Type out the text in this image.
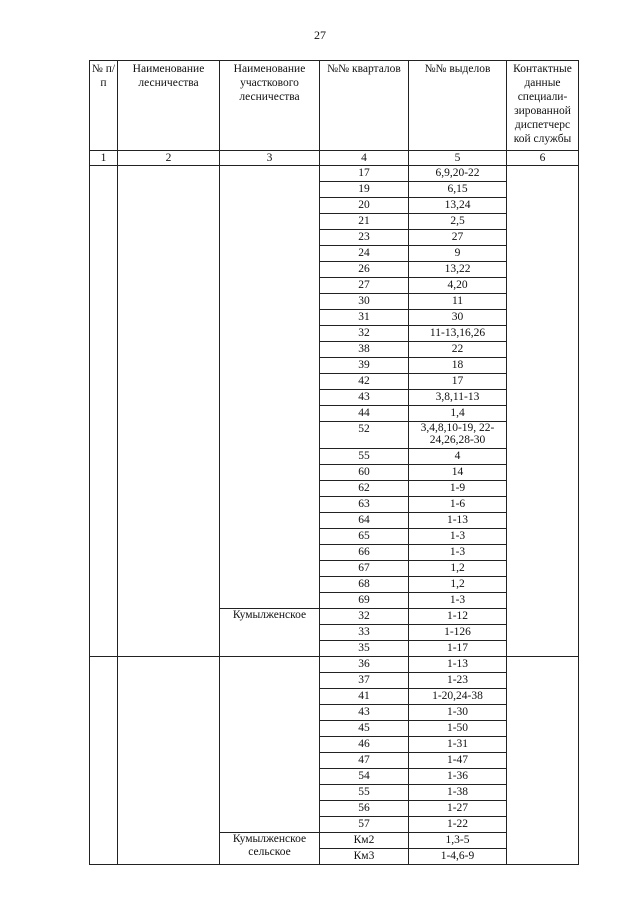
27
№ п/п	Наименование лесничества	Наименование участкового лесничества	№№ кварталов	№№ выделов	Контактные данные специали- зированной диспетчерс кой службы
1	2	3	4	5	6
			17	6,9,20-22	
			19	6,15	
			20	13,24	
			21	2,5	
			23	27	
			24	9	
			26	13,22	
			27	4,20	
			30	11	
			31	30	
			32	11-13,16,26	
			38	22	
			39	18	
			42	17	
			43	3,8,11-13	
			44	1,4	
			52	3,4,8,10-19, 22-24,26,28-30	
			55	4	
			60	14	
			62	1-9	
			63	1-6	
			64	1-13	
			65	1-3	
			66	1-3	
			67	1,2	
			68	1,2	
			69	1-3	
		Кумылженское	32	1-12	
			33	1-126	
			35	1-17	
			36	1-13	
			37	1-23	
			41	1-20,24-38	
			43	1-30	
			45	1-50	
			46	1-31	
			47	1-47	
			54	1-36	
			55	1-38	
			56	1-27	
			57	1-22	
		Кумылженское сельское	Км2	1,3-5	
			Км3	1-4,6-9	
